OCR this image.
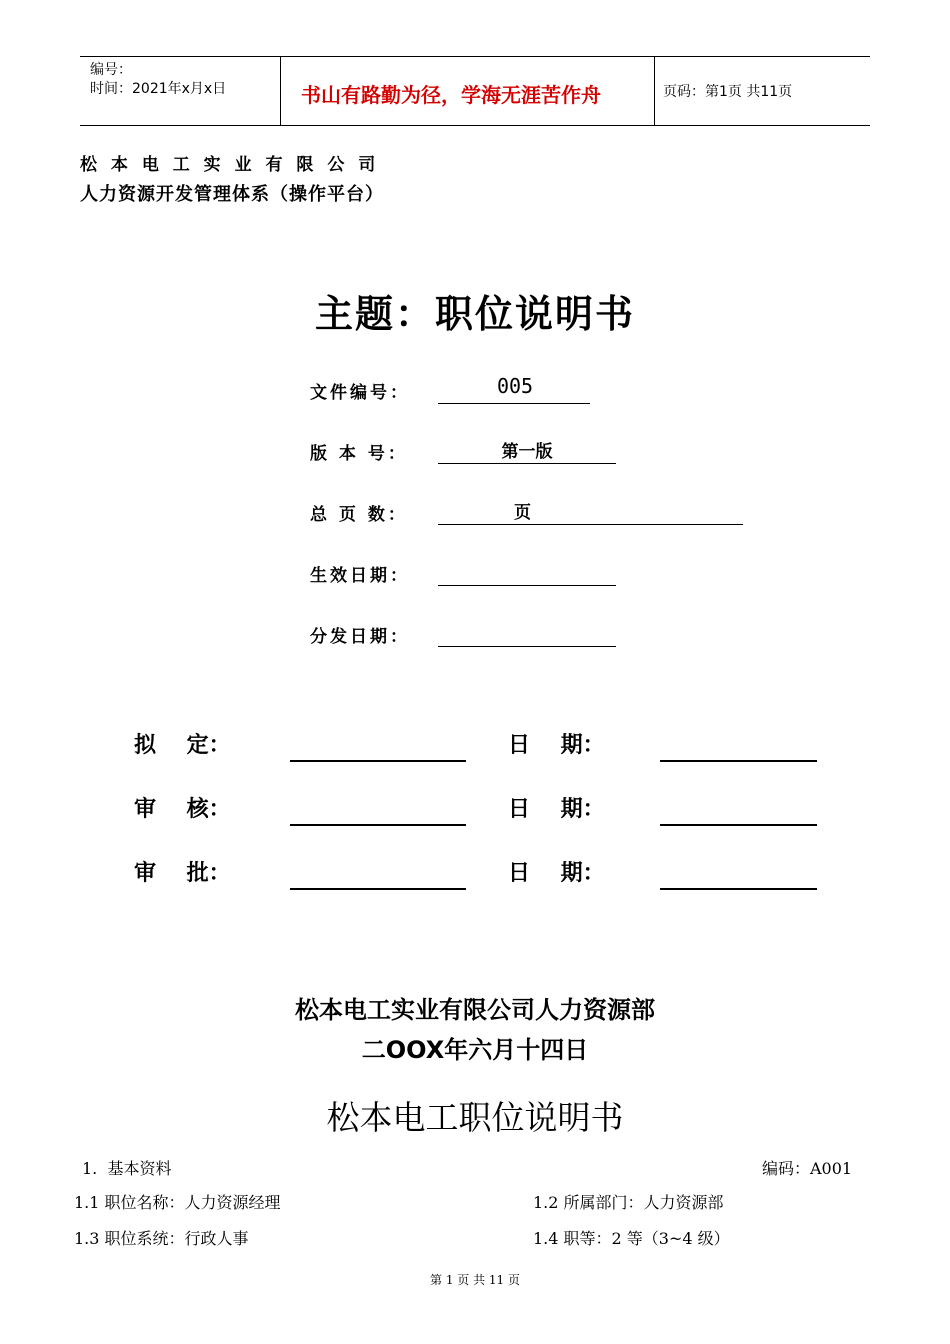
编号：
时间：2021年x月x日	书山有路勤为径，学海无涯苦作舟	页码：第1页 共11页
松 本 电 工 实 业 有 限 公 司
人力资源开发管理体系（操作平台）
主题：职位说明书
文件编号：	005
版 本 号：	第一版
总 页 数：	页
生效日期：
分发日期：
拟    定：	日    期：
审    核：	日    期：
审    批：	日    期：
松本电工实业有限公司人力资源部
二OOX年六月十四日
松本电工职位说明书
1.  基本资料	编码：A001
1.1 职位名称：人力资源经理	1.2 所属部门：人力资源部
1.3 职位系统：行政人事	1.4 职等：2 等（3~4 级）
第 1 页 共 11 页
